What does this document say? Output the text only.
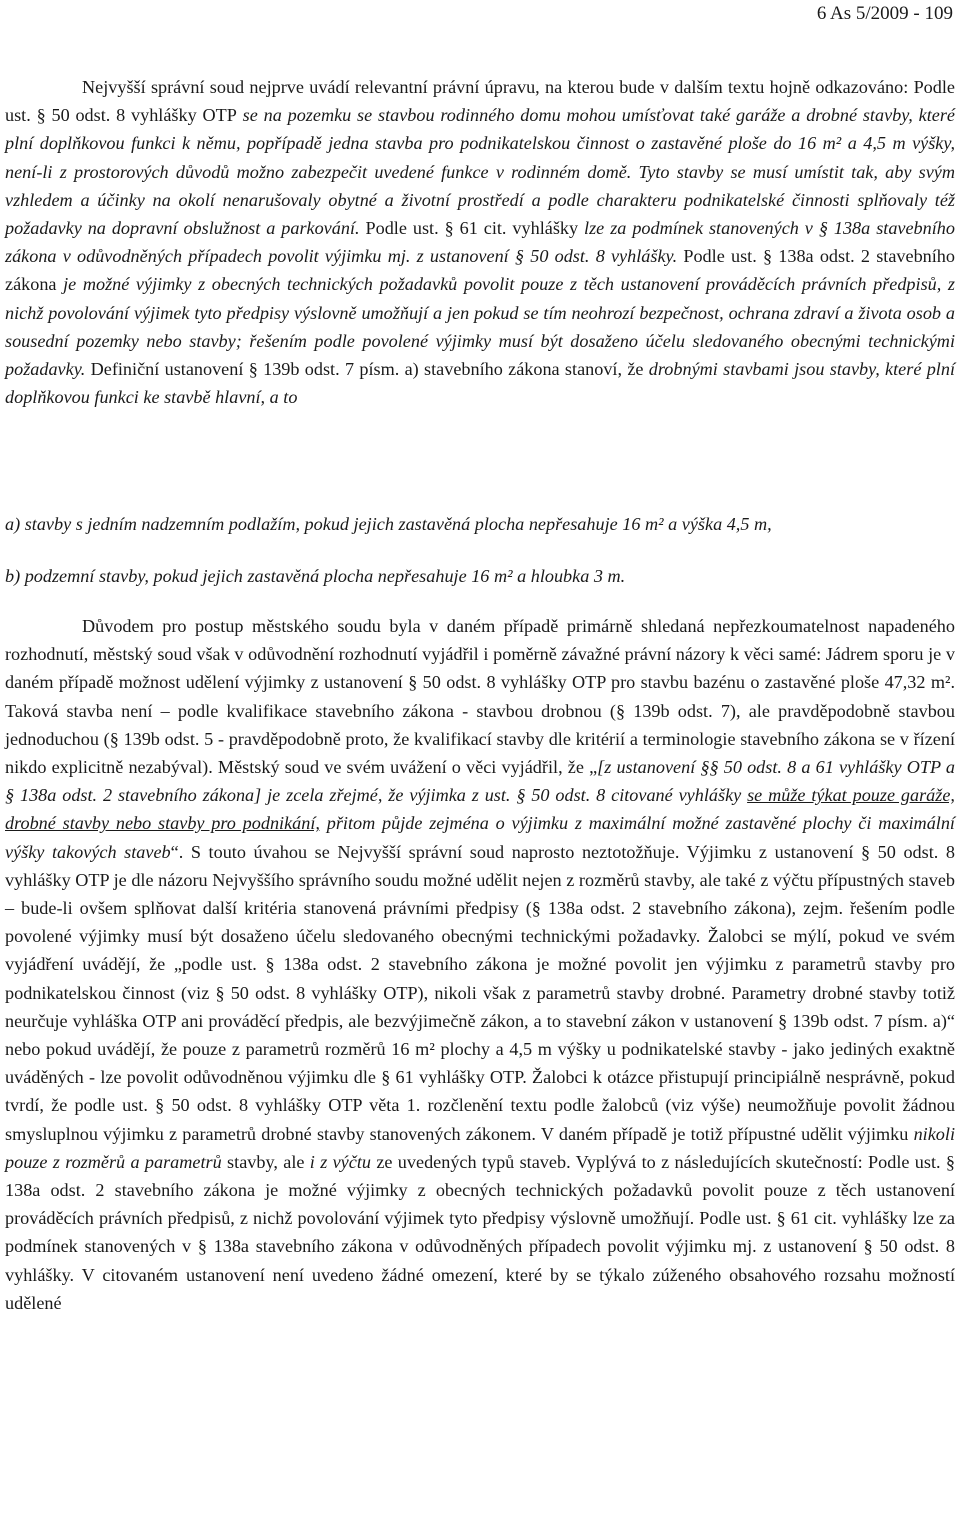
6 As 5/2009 - 109

Nejvyšší správní soud nejprve uvádí relevantní právní úpravu, na kterou bude v dalším textu hojně odkazováno: Podle ust. § 50 odst. 8 vyhlášky OTP se na pozemku se stavbou rodinného domu mohou umísťovat také garáže a drobné stavby, které plní doplňkovou funkci k němu, popřípadě jedna stavba pro podnikatelskou činnost o zastavěné ploše do 16 m² a 4,5 m výšky, není-li z prostorových důvodů možno zabezpečit uvedené funkce v rodinném domě. Tyto stavby se musí umístit tak, aby svým vzhledem a účinky na okolí nenarušovaly obytné a životní prostředí a podle charakteru podnikatelské činnosti splňovaly též požadavky na dopravní obslužnost a parkování. Podle ust. § 61 cit. vyhlášky lze za podmínek stanovených v § 138a stavebního zákona v odůvodněných případech povolit výjimku mj. z ustanovení § 50 odst. 8 vyhlášky. Podle ust. § 138a odst. 2 stavebního zákona je možné výjimky z obecných technických požadavků povolit pouze z těch ustanovení prováděcích právních předpisů, z nichž povolování výjimek tyto předpisy výslovně umožňují a jen pokud se tím neohrozí bezpečnost, ochrana zdraví a života osob a sousední pozemky nebo stavby; řešením podle povolené výjimky musí být dosaženo účelu sledovaného obecnými technickými požadavky. Definiční ustanovení § 139b odst. 7 písm. a) stavebního zákona stanoví, že drobnými stavbami jsou stavby, které plní doplňkovou funkci ke stavbě hlavní, a to

a) stavby s jedním nadzemním podlažím, pokud jejich zastavěná plocha nepřesahuje 16 m² a výška 4,5 m,

b) podzemní stavby, pokud jejich zastavěná plocha nepřesahuje 16 m² a hloubka 3 m.

Důvodem pro postup městského soudu byla v daném případě primárně shledaná nepřezkoumatelnost napadeného rozhodnutí, městský soud však v odůvodnění rozhodnutí vyjádřil i poměrně závažné právní názory k věci samé: Jádrem sporu je v daném případě možnost udělení výjimky z ustanovení § 50 odst. 8 vyhlášky OTP pro stavbu bazénu o zastavěné ploše 47,32 m². Taková stavba není – podle kvalifikace stavebního zákona - stavbou drobnou (§ 139b odst. 7), ale pravděpodobně stavbou jednoduchou (§ 139b odst. 5 - pravděpodobně proto, že kvalifikací stavby dle kritérií a terminologie stavebního zákona se v řízení nikdo explicitně nezabýval). Městský soud ve svém uvážení o věci vyjádřil, že „[z ustanovení §§ 50 odst. 8 a 61 vyhlášky OTP a § 138a odst. 2 stavebního zákona] je zcela zřejmé, že výjimka z ust. § 50 odst. 8 citované vyhlášky se může týkat pouze garáže, drobné stavby nebo stavby pro podnikání, přitom půjde zejména o výjimku z maximální možné zastavěné plochy či maximální výšky takových staveb“. S touto úvahou se Nejvyšší správní soud naprosto neztotožňuje. Výjimku z ustanovení § 50 odst. 8 vyhlášky OTP je dle názoru Nejvyššího správního soudu možné udělit nejen z rozměrů stavby, ale také z výčtu přípustných staveb – bude-li ovšem splňovat další kritéria stanovená právními předpisy (§ 138a odst. 2 stavebního zákona), zejm. řešením podle povolené výjimky musí být dosaženo účelu sledovaného obecnými technickými požadavky. Žalobci se mýlí, pokud ve svém vyjádření uvádějí, že „podle ust. § 138a odst. 2 stavebního zákona je možné povolit jen výjimku z parametrů stavby pro podnikatelskou činnost (viz § 50 odst. 8 vyhlášky OTP), nikoli však z parametrů stavby drobné. Parametry drobné stavby totiž neurčuje vyhláška OTP ani prováděcí předpis, ale bezvýjimečně zákon, a to stavební zákon v ustanovení § 139b odst. 7 písm. a)“ nebo pokud uvádějí, že pouze z parametrů rozměrů 16 m² plochy a 4,5 m výšky u podnikatelské stavby - jako jediných exaktně uváděných - lze povolit odůvodněnou výjimku dle § 61 vyhlášky OTP. Žalobci k otázce přistupují principiálně nesprávně, pokud tvrdí, že podle ust. § 50 odst. 8 vyhlášky OTP věta 1. rozčlenění textu podle žalobců (viz výše) neumožňuje povolit žádnou smysluplnou výjimku z parametrů drobné stavby stanovených zákonem. V daném případě je totiž přípustné udělit výjimku nikoli pouze z rozměrů a parametrů stavby, ale i z výčtu ze uvedených typů staveb. Vyplývá to z následujících skutečností: Podle ust. § 138a odst. 2 stavebního zákona je možné výjimky z obecných technických požadavků povolit pouze z těch ustanovení prováděcích právních předpisů, z nichž povolování výjimek tyto předpisy výslovně umožňují. Podle ust. § 61 cit. vyhlášky lze za podmínek stanovených v § 138a stavebního zákona v odůvodněných případech povolit výjimku mj. z ustanovení § 50 odst. 8 vyhlášky. V citovaném ustanovení není uvedeno žádné omezení, které by se týkalo zúženého obsahového rozsahu možností udělené
